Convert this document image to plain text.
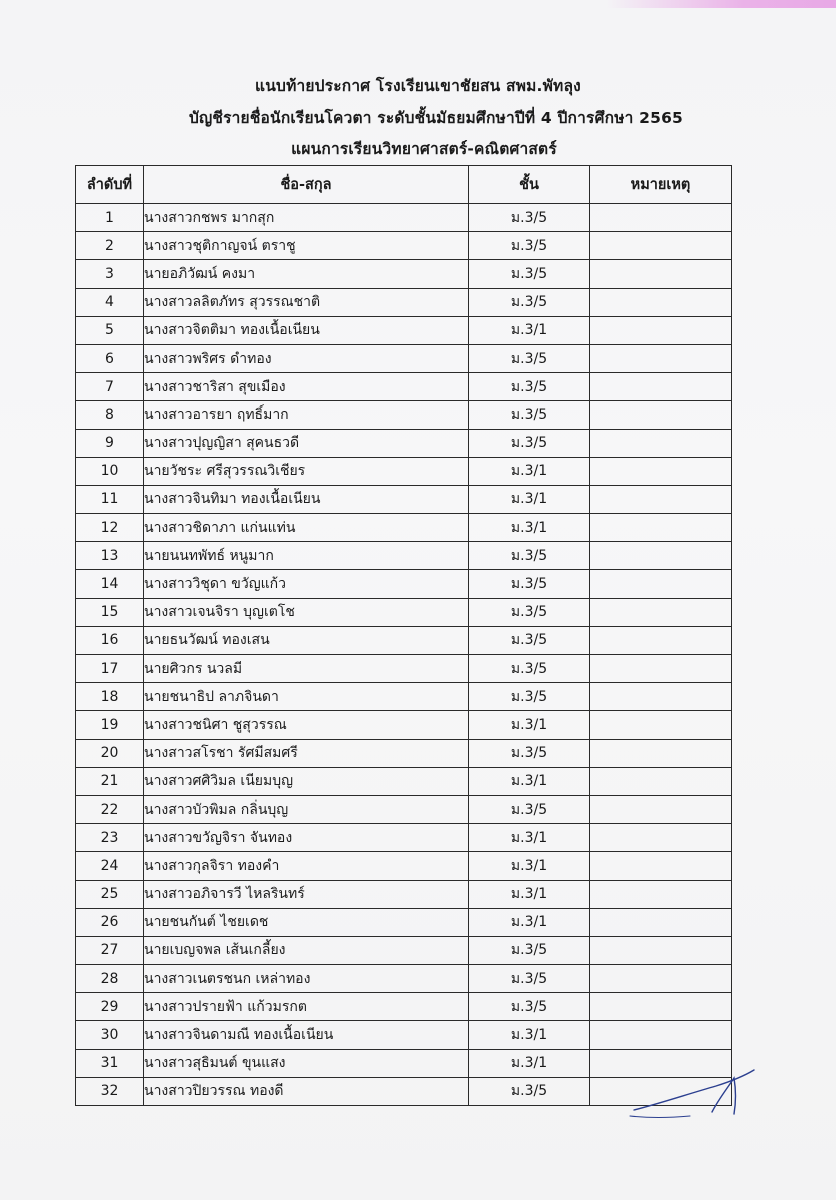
แนบท้ายประกาศ โรงเรียนเขาชัยสน สพม.พัทลุง
บัญชีรายชื่อนักเรียนโควตา ระดับชั้นมัธยมศึกษาปีที่ 4 ปีการศึกษา 2565
แผนการเรียนวิทยาศาสตร์-คณิตศาสตร์
ลำดับที่	ชื่อ-สกุล	ชั้น	หมายเหตุ
1	นางสาวกชพร มากสุก	ม.3/5	
2	นางสาวชุติกาญจน์ ตราชู	ม.3/5	
3	นายอภิวัฒน์ คงมา	ม.3/5	
4	นางสาวลลิตภัทร สุวรรณชาติ	ม.3/5	
5	นางสาวจิตติมา ทองเนื้อเนียน	ม.3/1	
6	นางสาวพริศร ดำทอง	ม.3/5	
7	นางสาวชาริสา สุขเมือง	ม.3/5	
8	นางสาวอารยา ฤทธิ์มาก	ม.3/5	
9	นางสาวปุญญิสา สุคนธวดี	ม.3/5	
10	นายวัชระ ศรีสุวรรณวิเชียร	ม.3/1	
11	นางสาวจินทิมา ทองเนื้อเนียน	ม.3/1	
12	นางสาวชิดาภา แก่นแท่น	ม.3/1	
13	นายนนทพัทธ์ หนูมาก	ม.3/5	
14	นางสาววิชุดา ขวัญแก้ว	ม.3/5	
15	นางสาวเจนจิรา บุญเตโช	ม.3/5	
16	นายธนวัฒน์ ทองเสน	ม.3/5	
17	นายศิวกร นวลมี	ม.3/5	
18	นายชนาธิป ลาภจินดา	ม.3/5	
19	นางสาวชนิศา ชูสุวรรณ	ม.3/1	
20	นางสาวสโรชา รัศมีสมศรี	ม.3/5	
21	นางสาวศศิวิมล เนียมบุญ	ม.3/1	
22	นางสาวบัวพิมล กลิ่นบุญ	ม.3/5	
23	นางสาวขวัญจิรา จันทอง	ม.3/1	
24	นางสาวกุลจิรา ทองคำ	ม.3/1	
25	นางสาวอภิจารวี ไหลรินทร์	ม.3/1	
26	นายชนกันต์ ไชยเดช	ม.3/1	
27	นายเบญจพล เส้นเกลี้ยง	ม.3/5	
28	นางสาวเนตรชนก เหล่าทอง	ม.3/5	
29	นางสาวปรายฟ้า แก้วมรกต	ม.3/5	
30	นางสาวจินดามณี ทองเนื้อเนียน	ม.3/1	
31	นางสาวสุธิมนต์ ขุนแสง	ม.3/1	
32	นางสาวปิยวรรณ ทองดี	ม.3/5	
